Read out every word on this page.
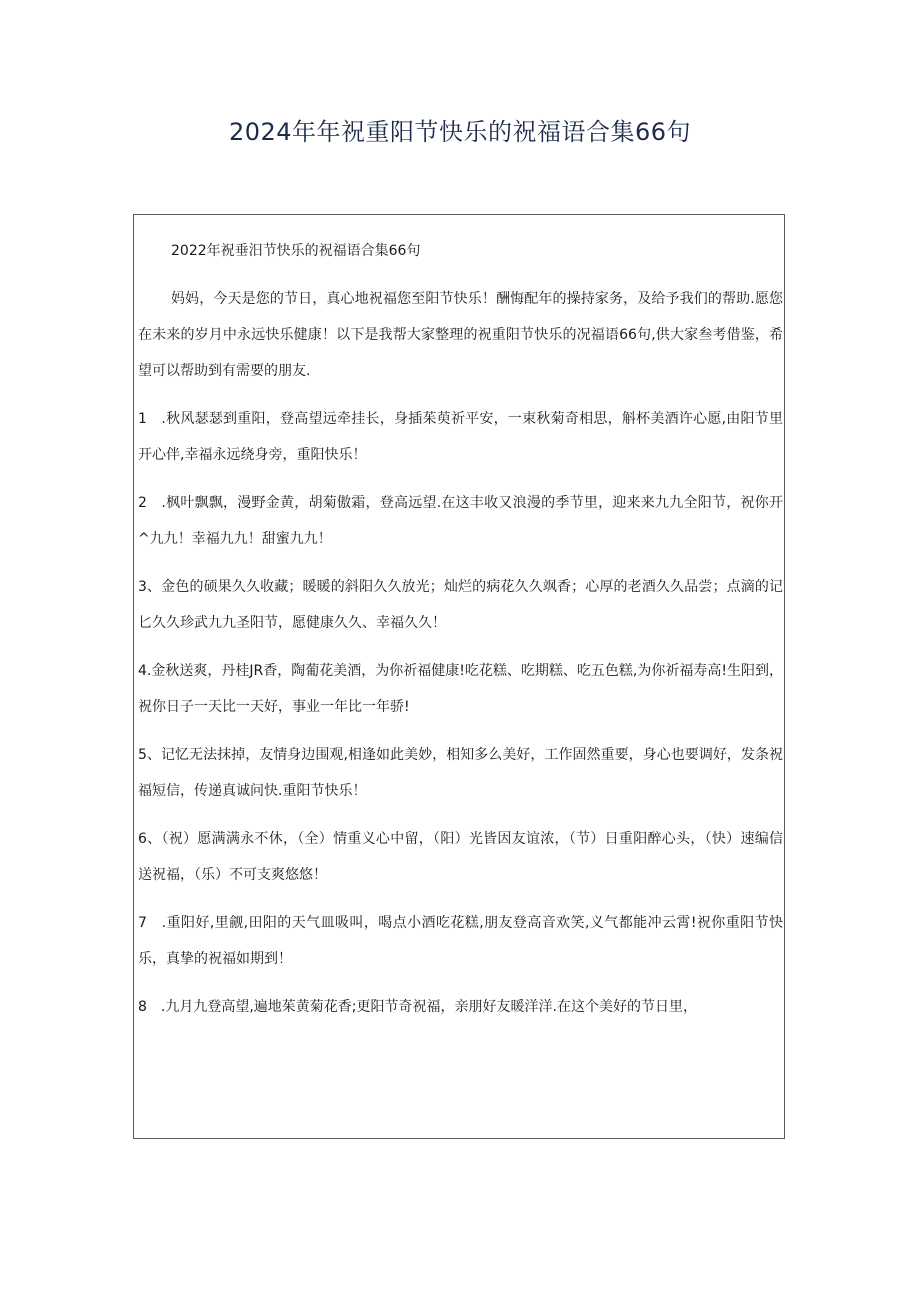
2024年年祝重阳节快乐的祝福语合集66句

2022年祝垂汨节快乐的祝福语合集66句

妈妈，今天是您的节日，真心地祝福您至阳节快乐！酬悔配年的操持家务，及给予我们的帮助.愿您在未来的岁月中永远快乐健康！以下是我帮大家整理的祝重阳节快乐的况福语66句,供大家叁考借鉴，希望可以帮助到有需要的朋友.

1　.秋风瑟瑟到重阳，登高望远牵挂长，身插茱萸祈平安，一束秋菊奇相思，斛杯美酒许心愿,由阳节里开心伴,幸福永远绕身旁，重阳快乐！

2　.枫叶飘飘，漫野金黄，胡菊傲霜，登高远望.在这丰收又浪漫的季节里，迎来来九九全阳节，祝你开^九九！幸福九九！甜蜜九九！

3、金色的硕果久久收藏；暖暖的斜阳久久放光；灿烂的病花久久飒香；心厚的老酒久久品尝；点滴的记匕久久珍武九九圣阳节，愿健康久久、幸福久久！

4.金秋送爽，丹桂JR香，陶葡花美酒，为你祈福健康!吃花糕、吃期糕、吃五色糕,为你祈福寿高!生阳到，祝你日子一天比一天好，事业一年比一年骄!

5、记忆无法抹掉，友情身边围观,相逢如此美妙，相知多么美好，工作固然重要，身心也要调好，发条祝福短信，传递真诚问快.重阳节快乐！

6、（祝）愿满满永不休，（全）情重义心中留，（阳）光皆因友谊浓，（节）日重阳醉心头，（快）速编信送祝福，（乐）不可支爽悠悠！

7　.重阳好,里觎,田阳的天气皿吸叫，喝点小酒吃花糕,朋友登高音欢笑,义气都能冲云霄!祝你重阳节快乐，真挚的祝福如期到！

8　.九月九登高望,遍地茱黄菊花香;更阳节奇祝福，亲朋好友暖洋洋.在这个美好的节日里，
